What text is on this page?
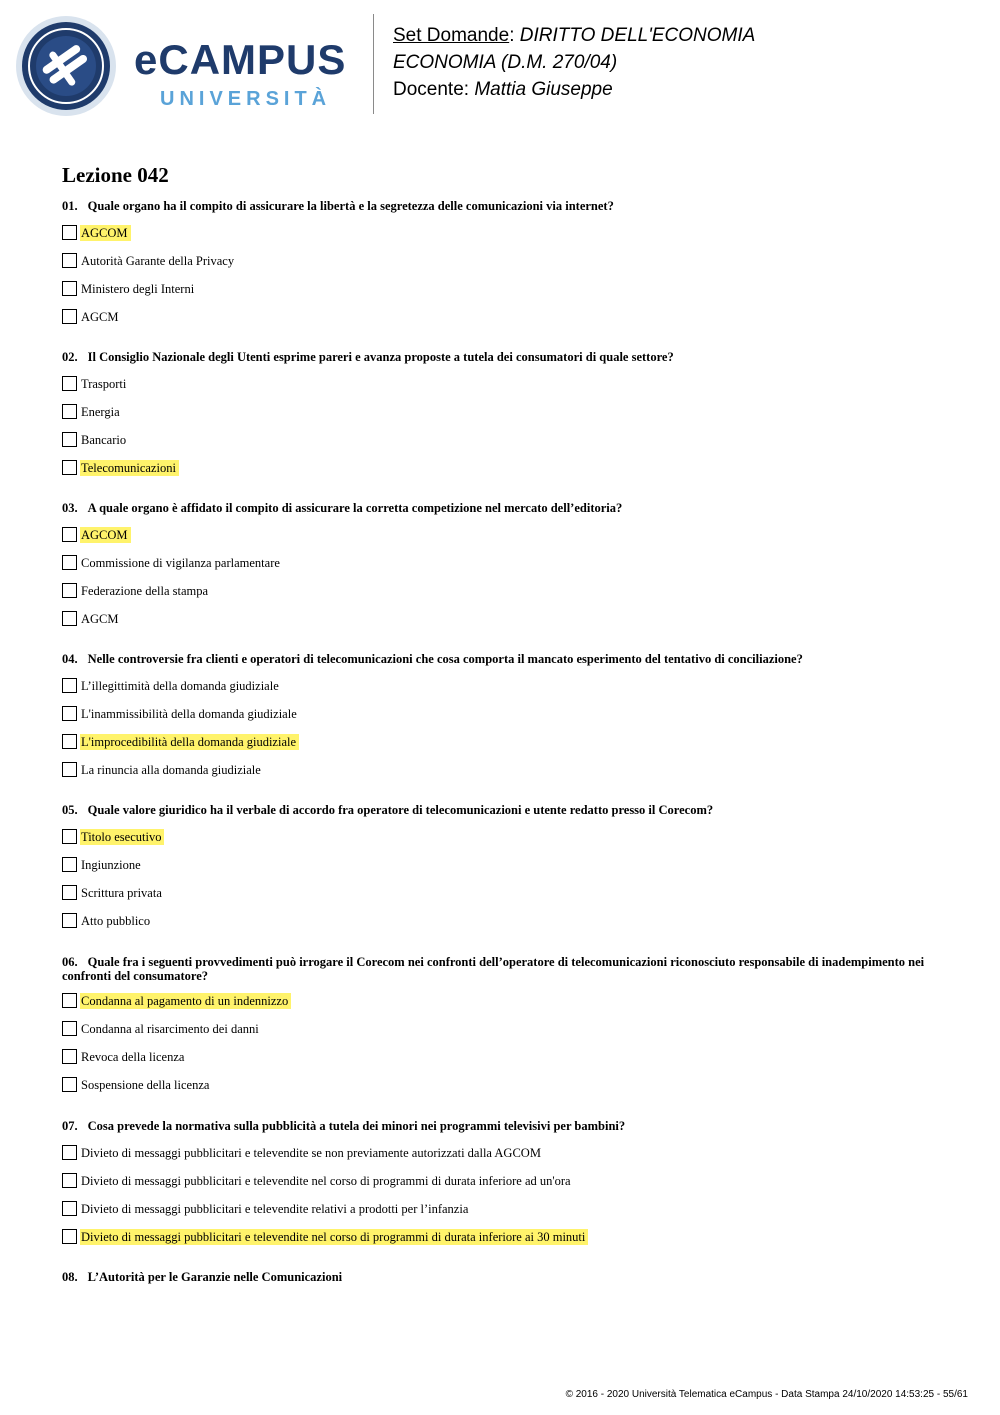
eCAMPUS
UNIVERSITÀ
Set Domande: DIRITTO DELL'ECONOMIA
ECONOMIA (D.M. 270/04)
Docente: Mattia Giuseppe
Lezione 042
01. Quale organo ha il compito di assicurare la libertà e la segretezza delle comunicazioni via internet?
AGCOM
Autorità Garante della Privacy
Ministero degli Interni
AGCM
02. Il Consiglio Nazionale degli Utenti esprime pareri e avanza proposte a tutela dei consumatori di quale settore?
Trasporti
Energia
Bancario
Telecomunicazioni
03. A quale organo è affidato il compito di assicurare la corretta competizione nel mercato dell’editoria?
AGCOM
Commissione di vigilanza parlamentare
Federazione della stampa
AGCM
04. Nelle controversie fra clienti e operatori di telecomunicazioni che cosa comporta il mancato esperimento del tentativo di conciliazione?
L’illegittimità della domanda giudiziale
L'inammissibilità della domanda giudiziale
L'improcedibilità della domanda giudiziale
La rinuncia alla domanda giudiziale
05. Quale valore giuridico ha il verbale di accordo fra operatore di telecomunicazioni e utente redatto presso il Corecom?
Titolo esecutivo
Ingiunzione
Scrittura privata
Atto pubblico
06. Quale fra i seguenti provvedimenti può irrogare il Corecom nei confronti dell’operatore di telecomunicazioni riconosciuto responsabile di inadempimento nei confronti del consumatore?
Condanna al pagamento di un indennizzo
Condanna al risarcimento dei danni
Revoca della licenza
Sospensione della licenza
07. Cosa prevede la normativa sulla pubblicità a tutela dei minori nei programmi televisivi per bambini?
Divieto di messaggi pubblicitari e televendite se non previamente autorizzati dalla AGCOM
Divieto di messaggi pubblicitari e televendite nel corso di programmi di durata inferiore ad un'ora
Divieto di messaggi pubblicitari e televendite relativi a prodotti per l’infanzia
Divieto di messaggi pubblicitari e televendite nel corso di programmi di durata inferiore ai 30 minuti
08. L’Autorità per le Garanzie nelle Comunicazioni
© 2016 - 2020 Università Telematica eCampus - Data Stampa 24/10/2020 14:53:25 - 55/61
